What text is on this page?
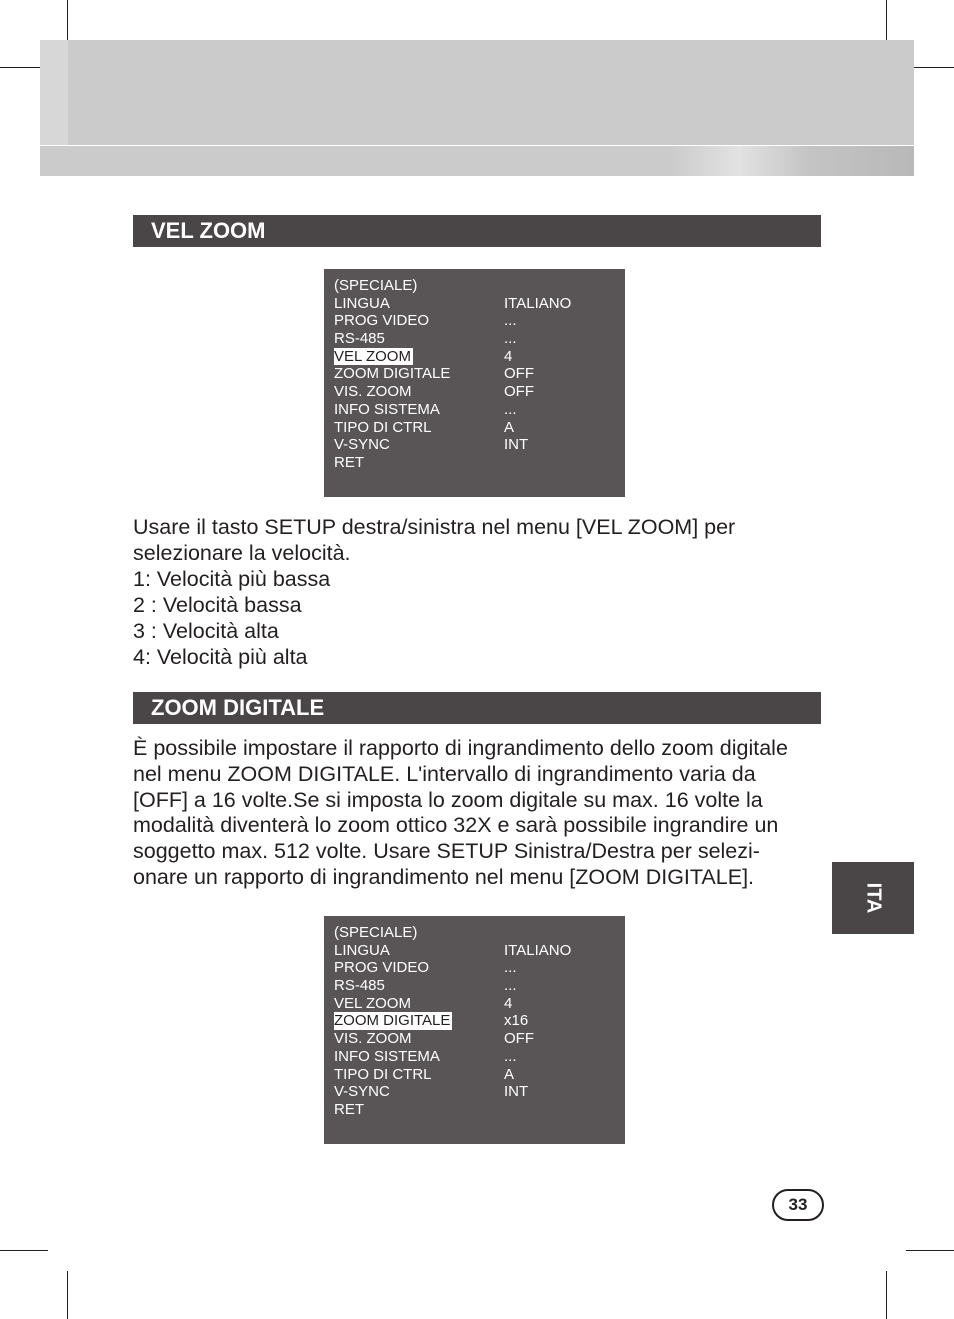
VEL ZOOM
(SPECIALE)
LINGUA	ITALIANO
PROG VIDEO	...
RS-485	...
VEL ZOOM	4
ZOOM DIGITALE	OFF
VIS. ZOOM	OFF
INFO SISTEMA	...
TIPO DI CTRL	A
V-SYNC	INT
RET

Usare il tasto SETUP destra/sinistra nel menu [VEL ZOOM] per
selezionare la velocità.
1: Velocità più bassa
2 : Velocità bassa
3 : Velocità alta
4: Velocità più alta

ZOOM DIGITALE

È possibile impostare il rapporto di ingrandimento dello zoom digitale
nel menu ZOOM DIGITALE. L'intervallo di ingrandimento varia da
[OFF] a 16 volte.Se si imposta lo zoom digitale su max. 16 volte la
modalità diventerà lo zoom ottico 32X e sarà possibile ingrandire un
soggetto max. 512 volte. Usare SETUP Sinistra/Destra per selezi-
onare un rapporto di ingrandimento nel menu [ZOOM DIGITALE].

(SPECIALE)
LINGUA	ITALIANO
PROG VIDEO	...
RS-485	...
VEL ZOOM	4
ZOOM DIGITALE	x16
VIS. ZOOM	OFF
INFO SISTEMA	...
TIPO DI CTRL	A
V-SYNC	INT
RET
ITA
33
